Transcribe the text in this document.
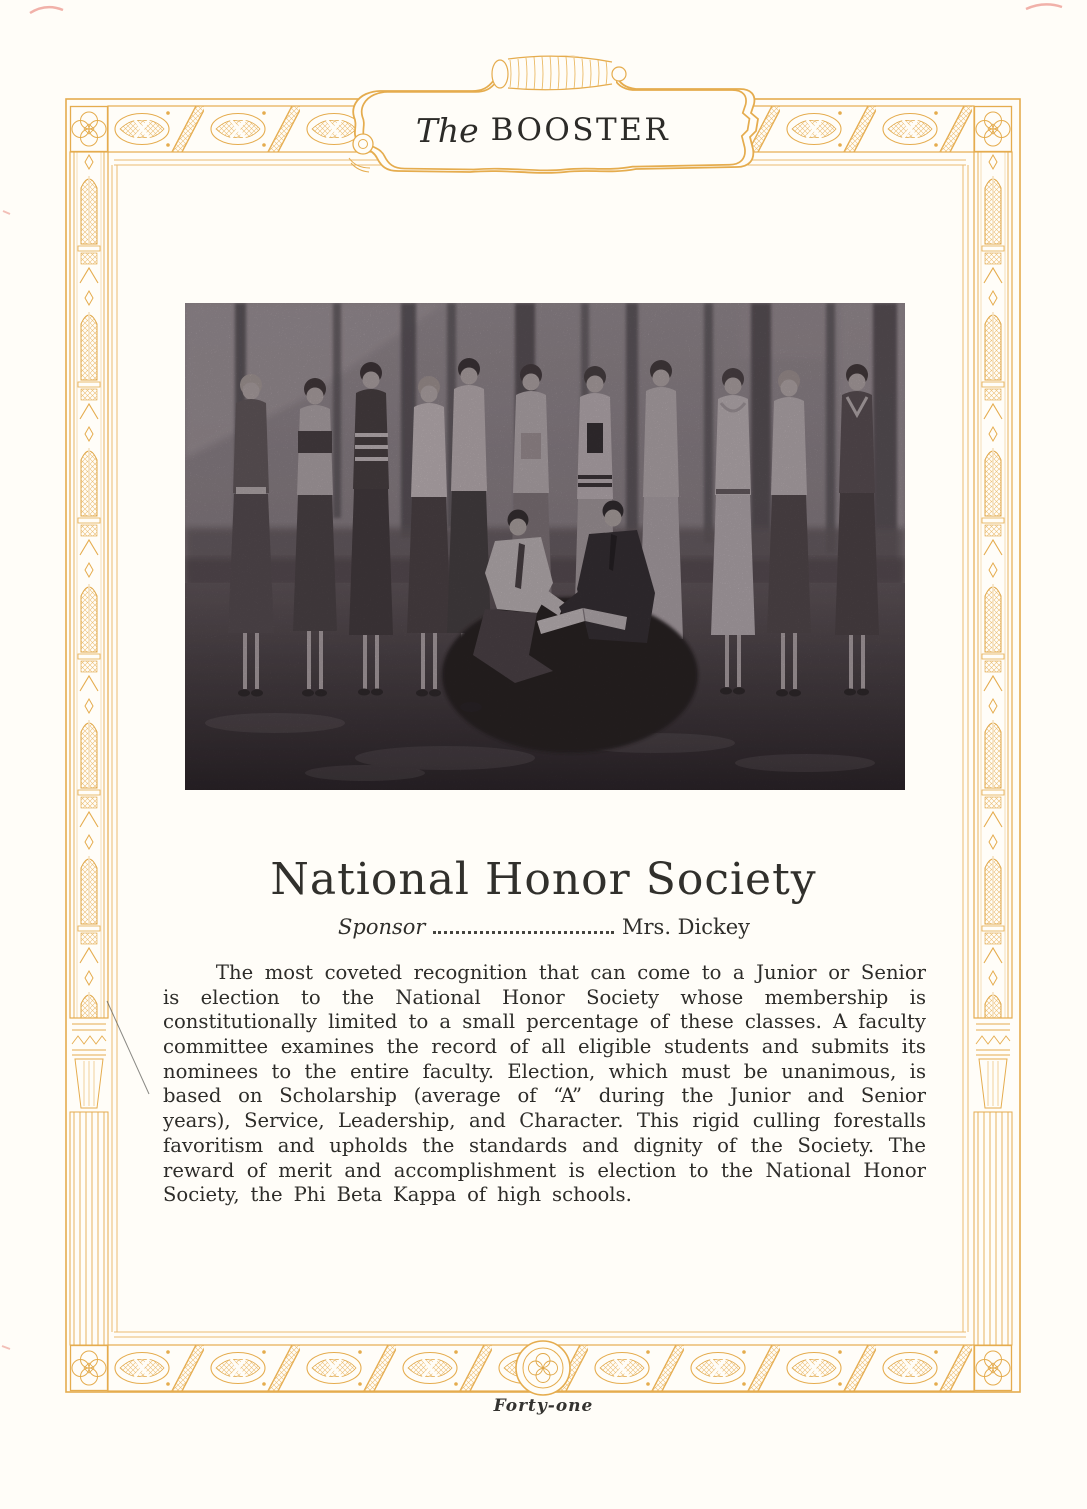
The BOOSTER
National Honor Society
Sponsor	Mrs. Dickey

The most coveted recognition that can come to a Junior or Senior is election to the National Honor Society whose membership is constitutionally limited to a small percentage of these classes. A faculty committee examines the record of all eligible students and submits its nominees to the entire faculty. Election, which must be unanimous, is based on Scholarship (average of “A” during the Junior and Senior years), Service, Leadership, and Character. This rigid culling forestalls favoritism and upholds the standards and dignity of the Society. The reward of merit and accomplishment is election to the National Honor Society, the Phi Beta Kappa of high schools.

Forty-one
